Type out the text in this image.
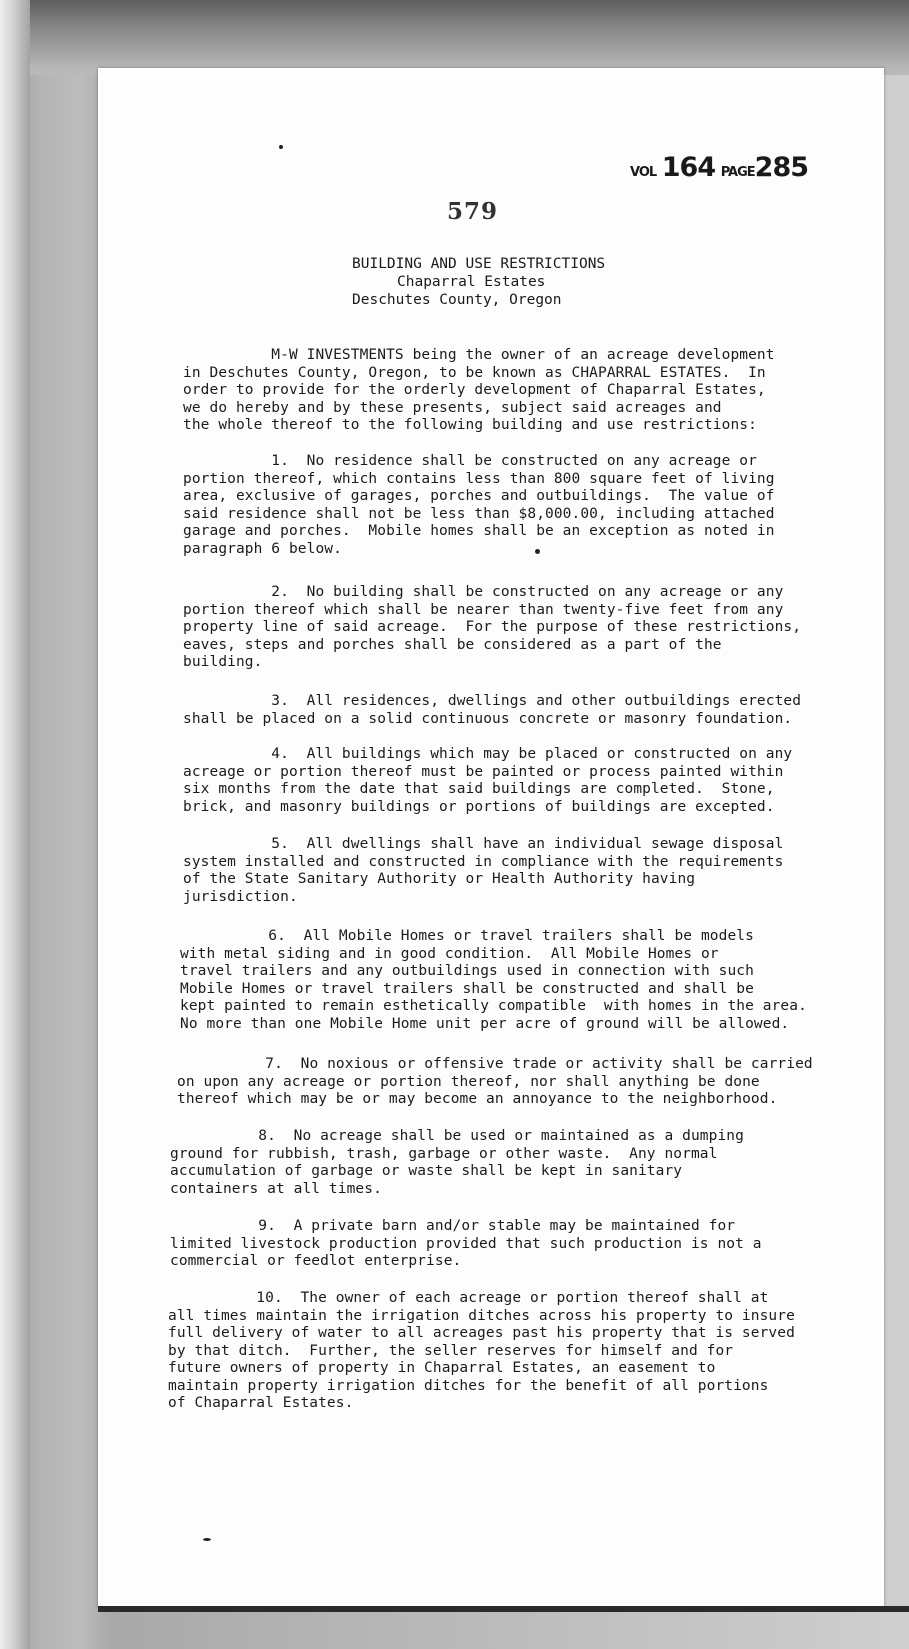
VOL 164 PAGE285
579
BUILDING AND USE RESTRICTIONS
Chaparral Estates
Deschutes County, Oregon
M-W INVESTMENTS being the owner of an acreage development
in Deschutes County, Oregon, to be known as CHAPARRAL ESTATES.  In
order to provide for the orderly development of Chaparral Estates,
we do hereby and by these presents, subject said acreages and
the whole thereof to the following building and use restrictions:
1.  No residence shall be constructed on any acreage or
portion thereof, which contains less than 800 square feet of living
area, exclusive of garages, porches and outbuildings.  The value of
said residence shall not be less than $8,000.00, including attached
garage and porches.  Mobile homes shall be an exception as noted in
paragraph 6 below.
2.  No building shall be constructed on any acreage or any
portion thereof which shall be nearer than twenty-five feet from any
property line of said acreage.  For the purpose of these restrictions,
eaves, steps and porches shall be considered as a part of the
building.
3.  All residences, dwellings and other outbuildings erected
shall be placed on a solid continuous concrete or masonry foundation.
4.  All buildings which may be placed or constructed on any
acreage or portion thereof must be painted or process painted within
six months from the date that said buildings are completed.  Stone,
brick, and masonry buildings or portions of buildings are excepted.
5.  All dwellings shall have an individual sewage disposal
system installed and constructed in compliance with the requirements
of the State Sanitary Authority or Health Authority having
jurisdiction.
6.  All Mobile Homes or travel trailers shall be models
with metal siding and in good condition.  All Mobile Homes or
travel trailers and any outbuildings used in connection with such
Mobile Homes or travel trailers shall be constructed and shall be
kept painted to remain esthetically compatible  with homes in the area.
No more than one Mobile Home unit per acre of ground will be allowed.
7.  No noxious or offensive trade or activity shall be carried
on upon any acreage or portion thereof, nor shall anything be done
thereof which may be or may become an annoyance to the neighborhood.
8.  No acreage shall be used or maintained as a dumping
ground for rubbish, trash, garbage or other waste.  Any normal
accumulation of garbage or waste shall be kept in sanitary
containers at all times.
9.  A private barn and/or stable may be maintained for
limited livestock production provided that such production is not a
commercial or feedlot enterprise.
10.  The owner of each acreage or portion thereof shall at
all times maintain the irrigation ditches across his property to insure
full delivery of water to all acreages past his property that is served
by that ditch.  Further, the seller reserves for himself and for
future owners of property in Chaparral Estates, an easement to
maintain property irrigation ditches for the benefit of all portions
of Chaparral Estates.
